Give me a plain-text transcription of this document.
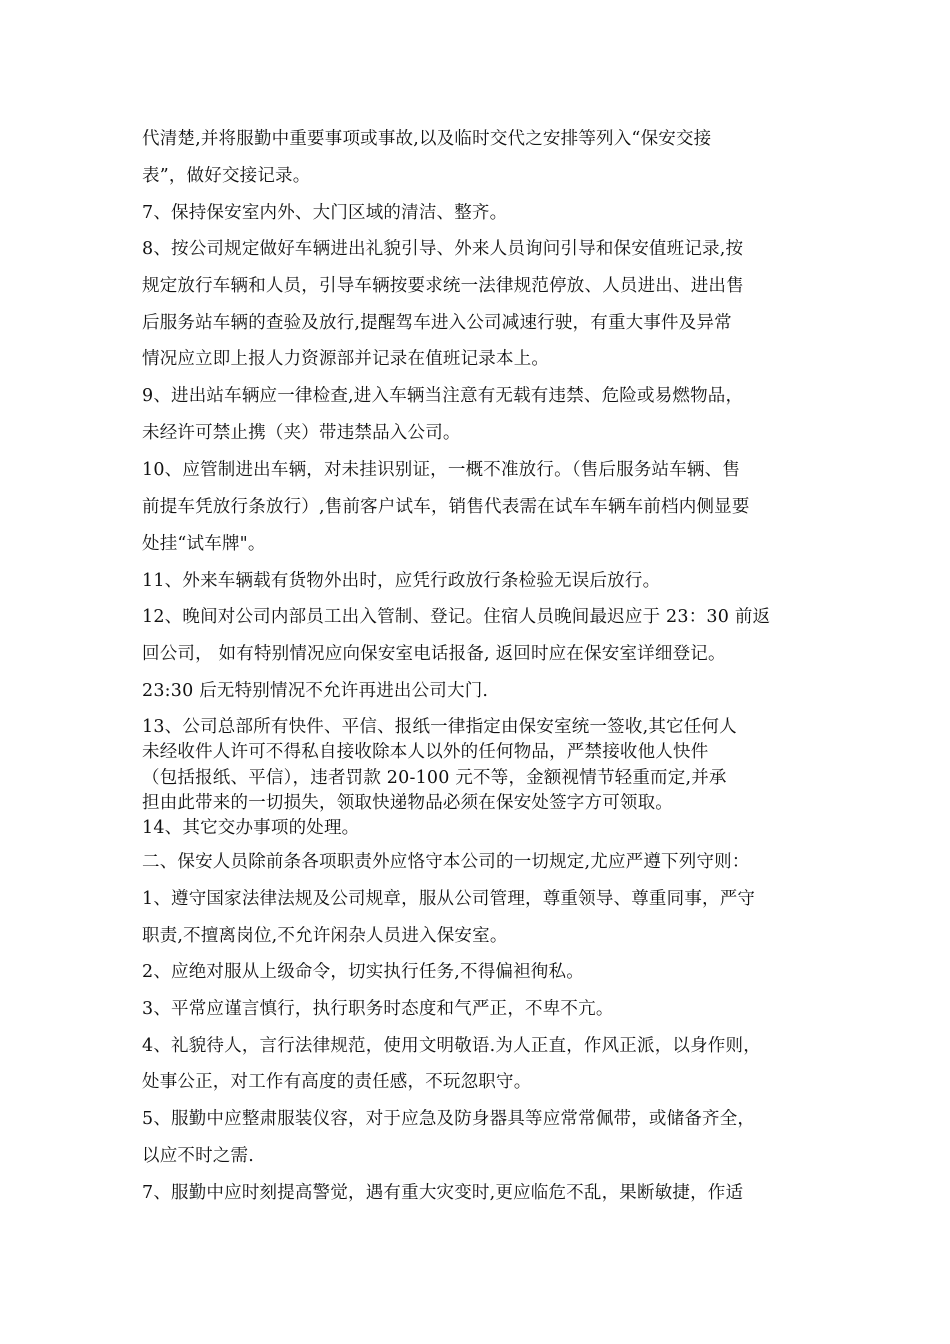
代清楚,并将服勤中重要事项或事故,以及临时交代之安排等列入“保安交接
表”，做好交接记录。
7、保持保安室内外、大门区域的清洁、整齐。
8、按公司规定做好车辆进出礼貌引导、外来人员询问引导和保安值班记录,按
规定放行车辆和人员，引导车辆按要求统一法律规范停放、人员进出、进出售
后服务站车辆的查验及放行,提醒驾车进入公司减速行驶，有重大事件及异常
情况应立即上报人力资源部并记录在值班记录本上。
9、进出站车辆应一律检查,进入车辆当注意有无载有违禁、危险或易燃物品，
未经许可禁止携（夹）带违禁品入公司。
10、应管制进出车辆，对未挂识别证，一概不准放行。（售后服务站车辆、售
前提车凭放行条放行）,售前客户试车，销售代表需在试车车辆车前档内侧显要
处挂“试车牌"。
11、外来车辆载有货物外出时，应凭行政放行条检验无误后放行。
12、晚间对公司内部员工出入管制、登记。住宿人员晚间最迟应于 23：30 前返
回公司， 如有特别情况应向保安室电话报备, 返回时应在保安室详细登记。
23:30 后无特别情况不允许再进出公司大门.
13、公司总部所有快件、平信、报纸一律指定由保安室统一签收,其它任何人
未经收件人许可不得私自接收除本人以外的任何物品，严禁接收他人快件
（包括报纸、平信），违者罚款 20-100 元不等，金额视情节轻重而定,并承
担由此带来的一切损失，领取快递物品必须在保安处签字方可领取。
14、其它交办事项的处理。
二、保安人员除前条各项职责外应恪守本公司的一切规定,尤应严遵下列守则：
1、遵守国家法律法规及公司规章，服从公司管理，尊重领导、尊重同事，严守
职责,不擅离岗位,不允许闲杂人员进入保安室。
2、应绝对服从上级命令，切实执行任务,不得偏袒徇私。
3、平常应谨言慎行，执行职务时态度和气严正，不卑不亢。
4、礼貌待人，言行法律规范，使用文明敬语.为人正直，作风正派，以身作则，
处事公正，对工作有高度的责任感，不玩忽职守。
5、服勤中应整肃服装仪容，对于应急及防身器具等应常常佩带，或储备齐全，
以应不时之需.
7、服勤中应时刻提高警觉，遇有重大灾变时,更应临危不乱，果断敏捷，作适
